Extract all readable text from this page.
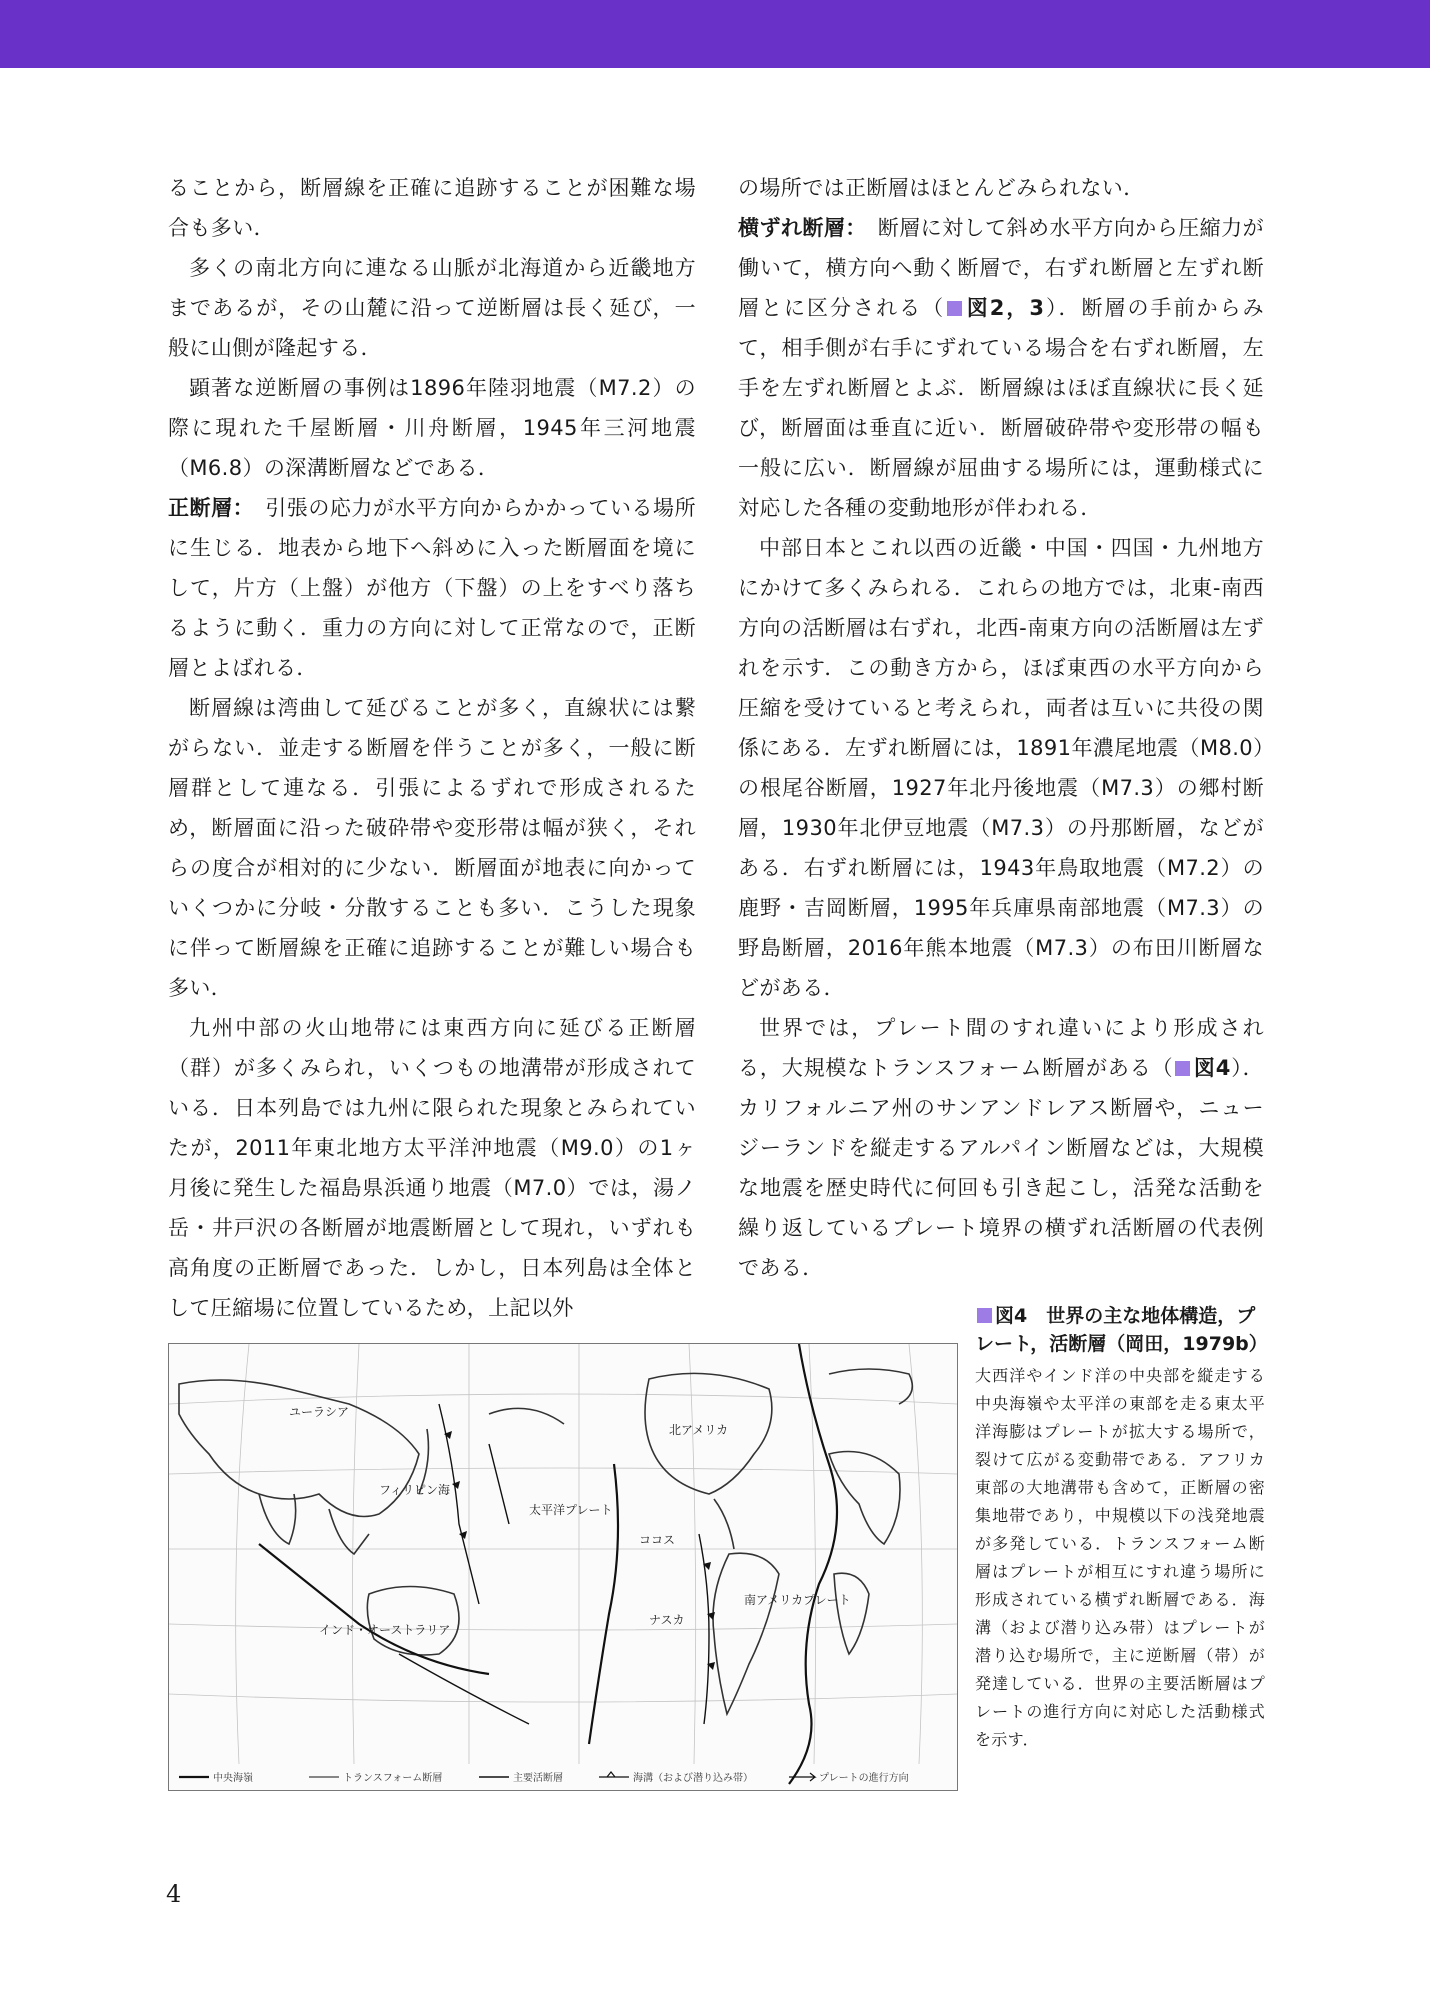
ることから，断層線を正確に追跡することが困難な場合も多い．

多くの南北方向に連なる山脈が北海道から近畿地方まであるが，その山麓に沿って逆断層は長く延び，一般に山側が隆起する．

顕著な逆断層の事例は1896年陸羽地震（M7.2）の際に現れた千屋断層・川舟断層，1945年三河地震（M6.8）の深溝断層などである．

正断層：　 引張の応力が水平方向からかかっている場所に生じる．地表から地下へ斜めに入った断層面を境にして，片方（上盤）が他方（下盤）の上をすべり落ちるように動く．重力の方向に対して正常なので，正断層とよばれる．

断層線は湾曲して延びることが多く，直線状には繋がらない．並走する断層を伴うことが多く，一般に断層群として連なる．引張によるずれで形成されるため，断層面に沿った破砕帯や変形帯は幅が狭く，それらの度合が相対的に少ない．断層面が地表に向かっていくつかに分岐・分散することも多い．こうした現象に伴って断層線を正確に追跡することが難しい場合も多い．

九州中部の火山地帯には東西方向に延びる正断層（群）が多くみられ，いくつもの地溝帯が形成されている．日本列島では九州に限られた現象とみられていたが，2011年東北地方太平洋沖地震（M9.0）の1ヶ月後に発生した福島県浜通り地震（M7.0）では，湯ノ岳・井戸沢の各断層が地震断層として現れ，いずれも高角度の正断層であった．しかし，日本列島は全体として圧縮場に位置しているため，上記以外

の場所では正断層はほとんどみられない．

横ずれ断層：　 断層に対して斜め水平方向から圧縮力が働いて，横方向へ動く断層で，右ずれ断層と左ずれ断層とに区分される（ 図2，3）．断層の手前からみて，相手側が右手にずれている場合を右ずれ断層，左手を左ずれ断層とよぶ．断層線はほぼ直線状に長く延び，断層面は垂直に近い．断層破砕帯や変形帯の幅も一般に広い．断層線が屈曲する場所には，運動様式に対応した各種の変動地形が伴われる．

中部日本とこれ以西の近畿・中国・四国・九州地方にかけて多くみられる．これらの地方では，北東-南西方向の活断層は右ずれ，北西-南東方向の活断層は左ずれを示す．この動き方から，ほぼ東西の水平方向から圧縮を受けていると考えられ，両者は互いに共役の関係にある．左ずれ断層には，1891年濃尾地震（M8.0）の根尾谷断層，1927年北丹後地震（M7.3）の郷村断層，1930年北伊豆地震（M7.3）の丹那断層，などがある．右ずれ断層には，1943年鳥取地震（M7.2）の鹿野・吉岡断層，1995年兵庫県南部地震（M7.3）の野島断層，2016年熊本地震（M7.3）の布田川断層などがある．

世界では，プレート間のすれ違いにより形成される，大規模なトランスフォーム断層がある（ 図4）．カリフォルニア州のサンアンドレアス断層や，ニュージーランドを縦走するアルパイン断層などは，大規模な地震を歴史時代に何回も引き起こし，活発な活動を繰り返しているプレート境界の横ずれ活断層の代表例である．

ユーラシア
フィリピン海
太平洋プレート
北アメリカ
南アメリカプレート
インド・オーストラリア
ナスカ
ココス
中央海嶺	トランスフォーム断層	主要活断層	海溝（および潜り込み帯）	プレートの進行方向

図4　 世界の主な地体構造，プレート，活断層（岡田，1979b）

大西洋やインド洋の中央部を縦走する中央海嶺や太平洋の東部を走る東太平洋海膨はプレートが拡大する場所で，裂けて広がる変動帯である．アフリカ東部の大地溝帯も含めて，正断層の密集地帯であり，中規模以下の浅発地震が多発している．トランスフォーム断層はプレートが相互にすれ違う場所に形成されている横ずれ断層である．海溝（および潜り込み帯）はプレートが潜り込む場所で，主に逆断層（帯）が発達している．世界の主要活断層はプレートの進行方向に対応した活動様式を示す．

4
